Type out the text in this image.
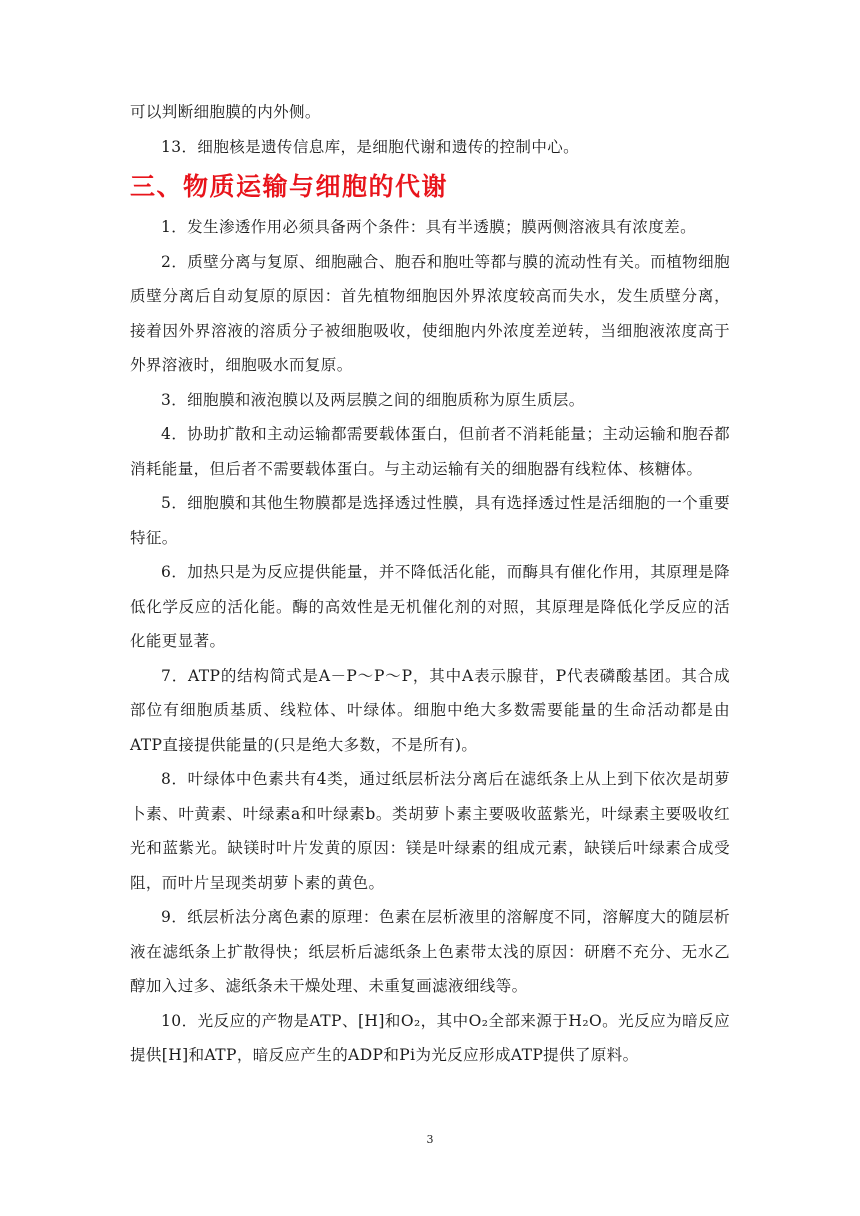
可以判断细胞膜的内外侧。

13．细胞核是遗传信息库，是细胞代谢和遗传的控制中心。

三、物质运输与细胞的代谢

1．发生渗透作用必须具备两个条件：具有半透膜；膜两侧溶液具有浓度差。

2．质壁分离与复原、细胞融合、胞吞和胞吐等都与膜的流动性有关。而植物细胞质壁分离后自动复原的原因：首先植物细胞因外界浓度较高而失水，发生质壁分离，接着因外界溶液的溶质分子被细胞吸收，使细胞内外浓度差逆转，当细胞液浓度高于外界溶液时，细胞吸水而复原。

3．细胞膜和液泡膜以及两层膜之间的细胞质称为原生质层。

4．协助扩散和主动运输都需要载体蛋白，但前者不消耗能量；主动运输和胞吞都消耗能量，但后者不需要载体蛋白。与主动运输有关的细胞器有线粒体、核糖体。

5．细胞膜和其他生物膜都是选择透过性膜，具有选择透过性是活细胞的一个重要特征。

6．加热只是为反应提供能量，并不降低活化能，而酶具有催化作用，其原理是降低化学反应的活化能。酶的高效性是无机催化剂的对照，其原理是降低化学反应的活化能更显著。

7．ATP的结构简式是A－P～P～P，其中A表示腺苷，P代表磷酸基团。其合成部位有细胞质基质、线粒体、叶绿体。细胞中绝大多数需要能量的生命活动都是由ATP直接提供能量的(只是绝大多数，不是所有)。

8．叶绿体中色素共有4类，通过纸层析法分离后在滤纸条上从上到下依次是胡萝卜素、叶黄素、叶绿素a和叶绿素b。类胡萝卜素主要吸收蓝紫光，叶绿素主要吸收红光和蓝紫光。缺镁时叶片发黄的原因：镁是叶绿素的组成元素，缺镁后叶绿素合成受阻，而叶片呈现类胡萝卜素的黄色。

9．纸层析法分离色素的原理：色素在层析液里的溶解度不同，溶解度大的随层析液在滤纸条上扩散得快；纸层析后滤纸条上色素带太浅的原因：研磨不充分、无水乙醇加入过多、滤纸条未干燥处理、未重复画滤液细线等。

10．光反应的产物是ATP、[H]和O₂，其中O₂全部来源于H₂O。光反应为暗反应提供[H]和ATP，暗反应产生的ADP和Pi为光反应形成ATP提供了原料。

3
